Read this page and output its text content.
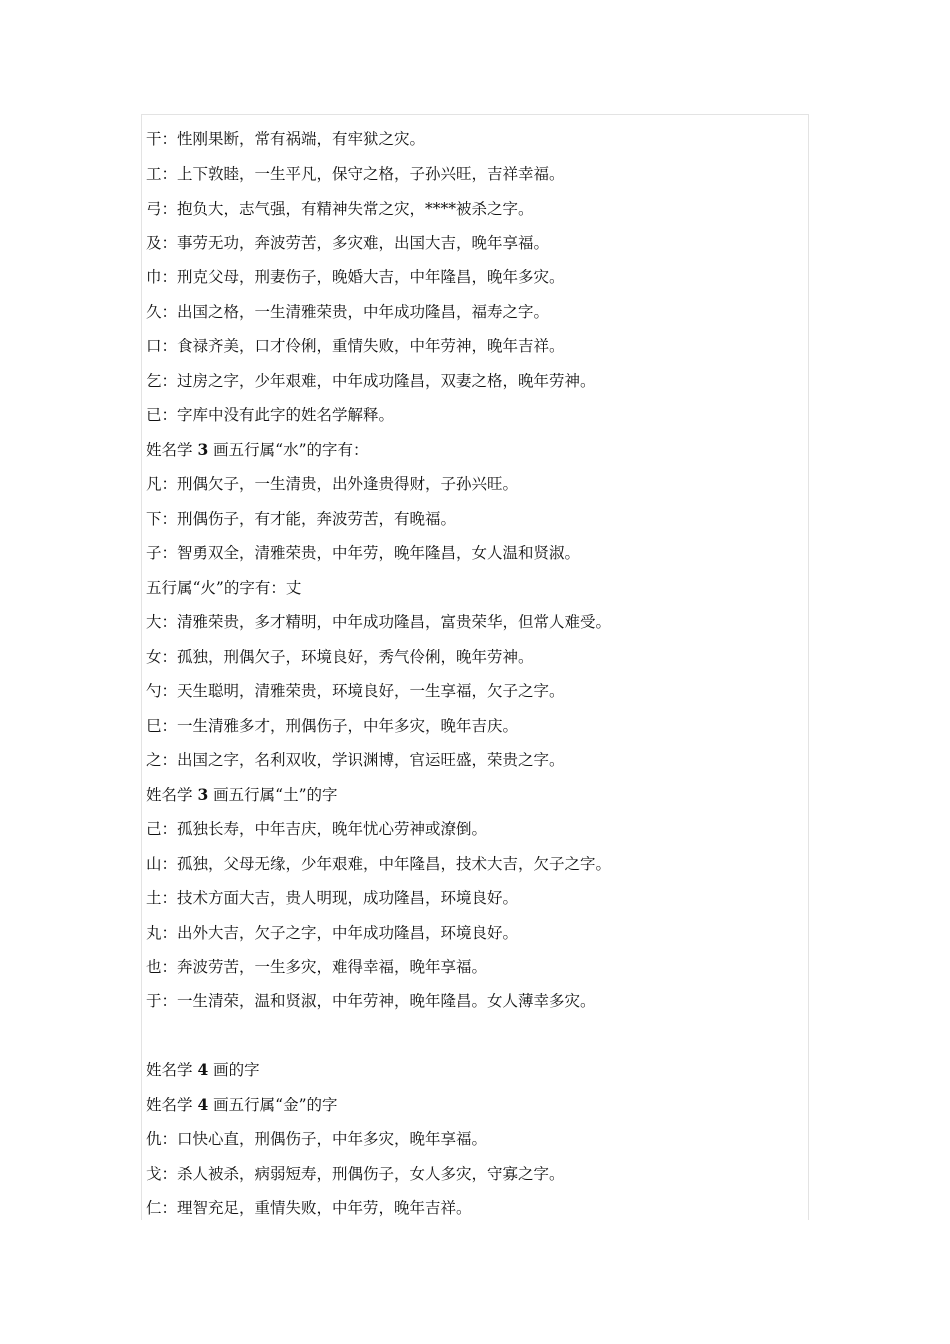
干：性刚果断，常有祸端，有牢狱之灾。
工：上下敦睦，一生平凡，保守之格，子孙兴旺，吉祥幸福。
弓：抱负大，志气强，有精神失常之灾，****被杀之字。
及：事劳无功，奔波劳苦，多灾难，出国大吉，晚年享福。
巾：刑克父母，刑妻伤子，晚婚大吉，中年隆昌，晚年多灾。
久：出国之格，一生清雅荣贵，中年成功隆昌，福寿之字。
口：食禄齐美，口才伶俐，重情失败，中年劳神，晚年吉祥。
乞：过房之字，少年艰难，中年成功隆昌，双妻之格，晚年劳神。
已：字库中没有此字的姓名学解释。
姓名学 3 画五行属“水”的字有：
凡：刑偶欠子，一生清贵，出外逢贵得财，子孙兴旺。
下：刑偶伤子，有才能，奔波劳苦，有晚福。
子：智勇双全，清雅荣贵，中年劳，晚年隆昌，女人温和贤淑。
五行属“火”的字有：丈
大：清雅荣贵，多才精明，中年成功隆昌，富贵荣华，但常人难受。
女：孤独，刑偶欠子，环境良好，秀气伶俐，晚年劳神。
勺：天生聪明，清雅荣贵，环境良好，一生享福，欠子之字。
巳：一生清雅多才，刑偶伤子，中年多灾，晚年吉庆。
之：出国之字，名利双收，学识渊博，官运旺盛，荣贵之字。
姓名学 3 画五行属“土”的字
己：孤独长寿，中年吉庆，晚年忧心劳神或潦倒。
山：孤独，父母无缘，少年艰难，中年隆昌，技术大吉，欠子之字。
土：技术方面大吉，贵人明现，成功隆昌，环境良好。
丸：出外大吉，欠子之字，中年成功隆昌，环境良好。
也：奔波劳苦，一生多灾，难得幸福，晚年享福。
于：一生清荣，温和贤淑，中年劳神，晚年隆昌。女人薄幸多灾。
姓名学 4 画的字
姓名学 4 画五行属“金”的字
仇：口快心直，刑偶伤子，中年多灾，晚年享福。
戈：杀人被杀，病弱短寿，刑偶伤子，女人多灾，守寡之字。
仁：理智充足，重情失败，中年劳，晚年吉祥。
